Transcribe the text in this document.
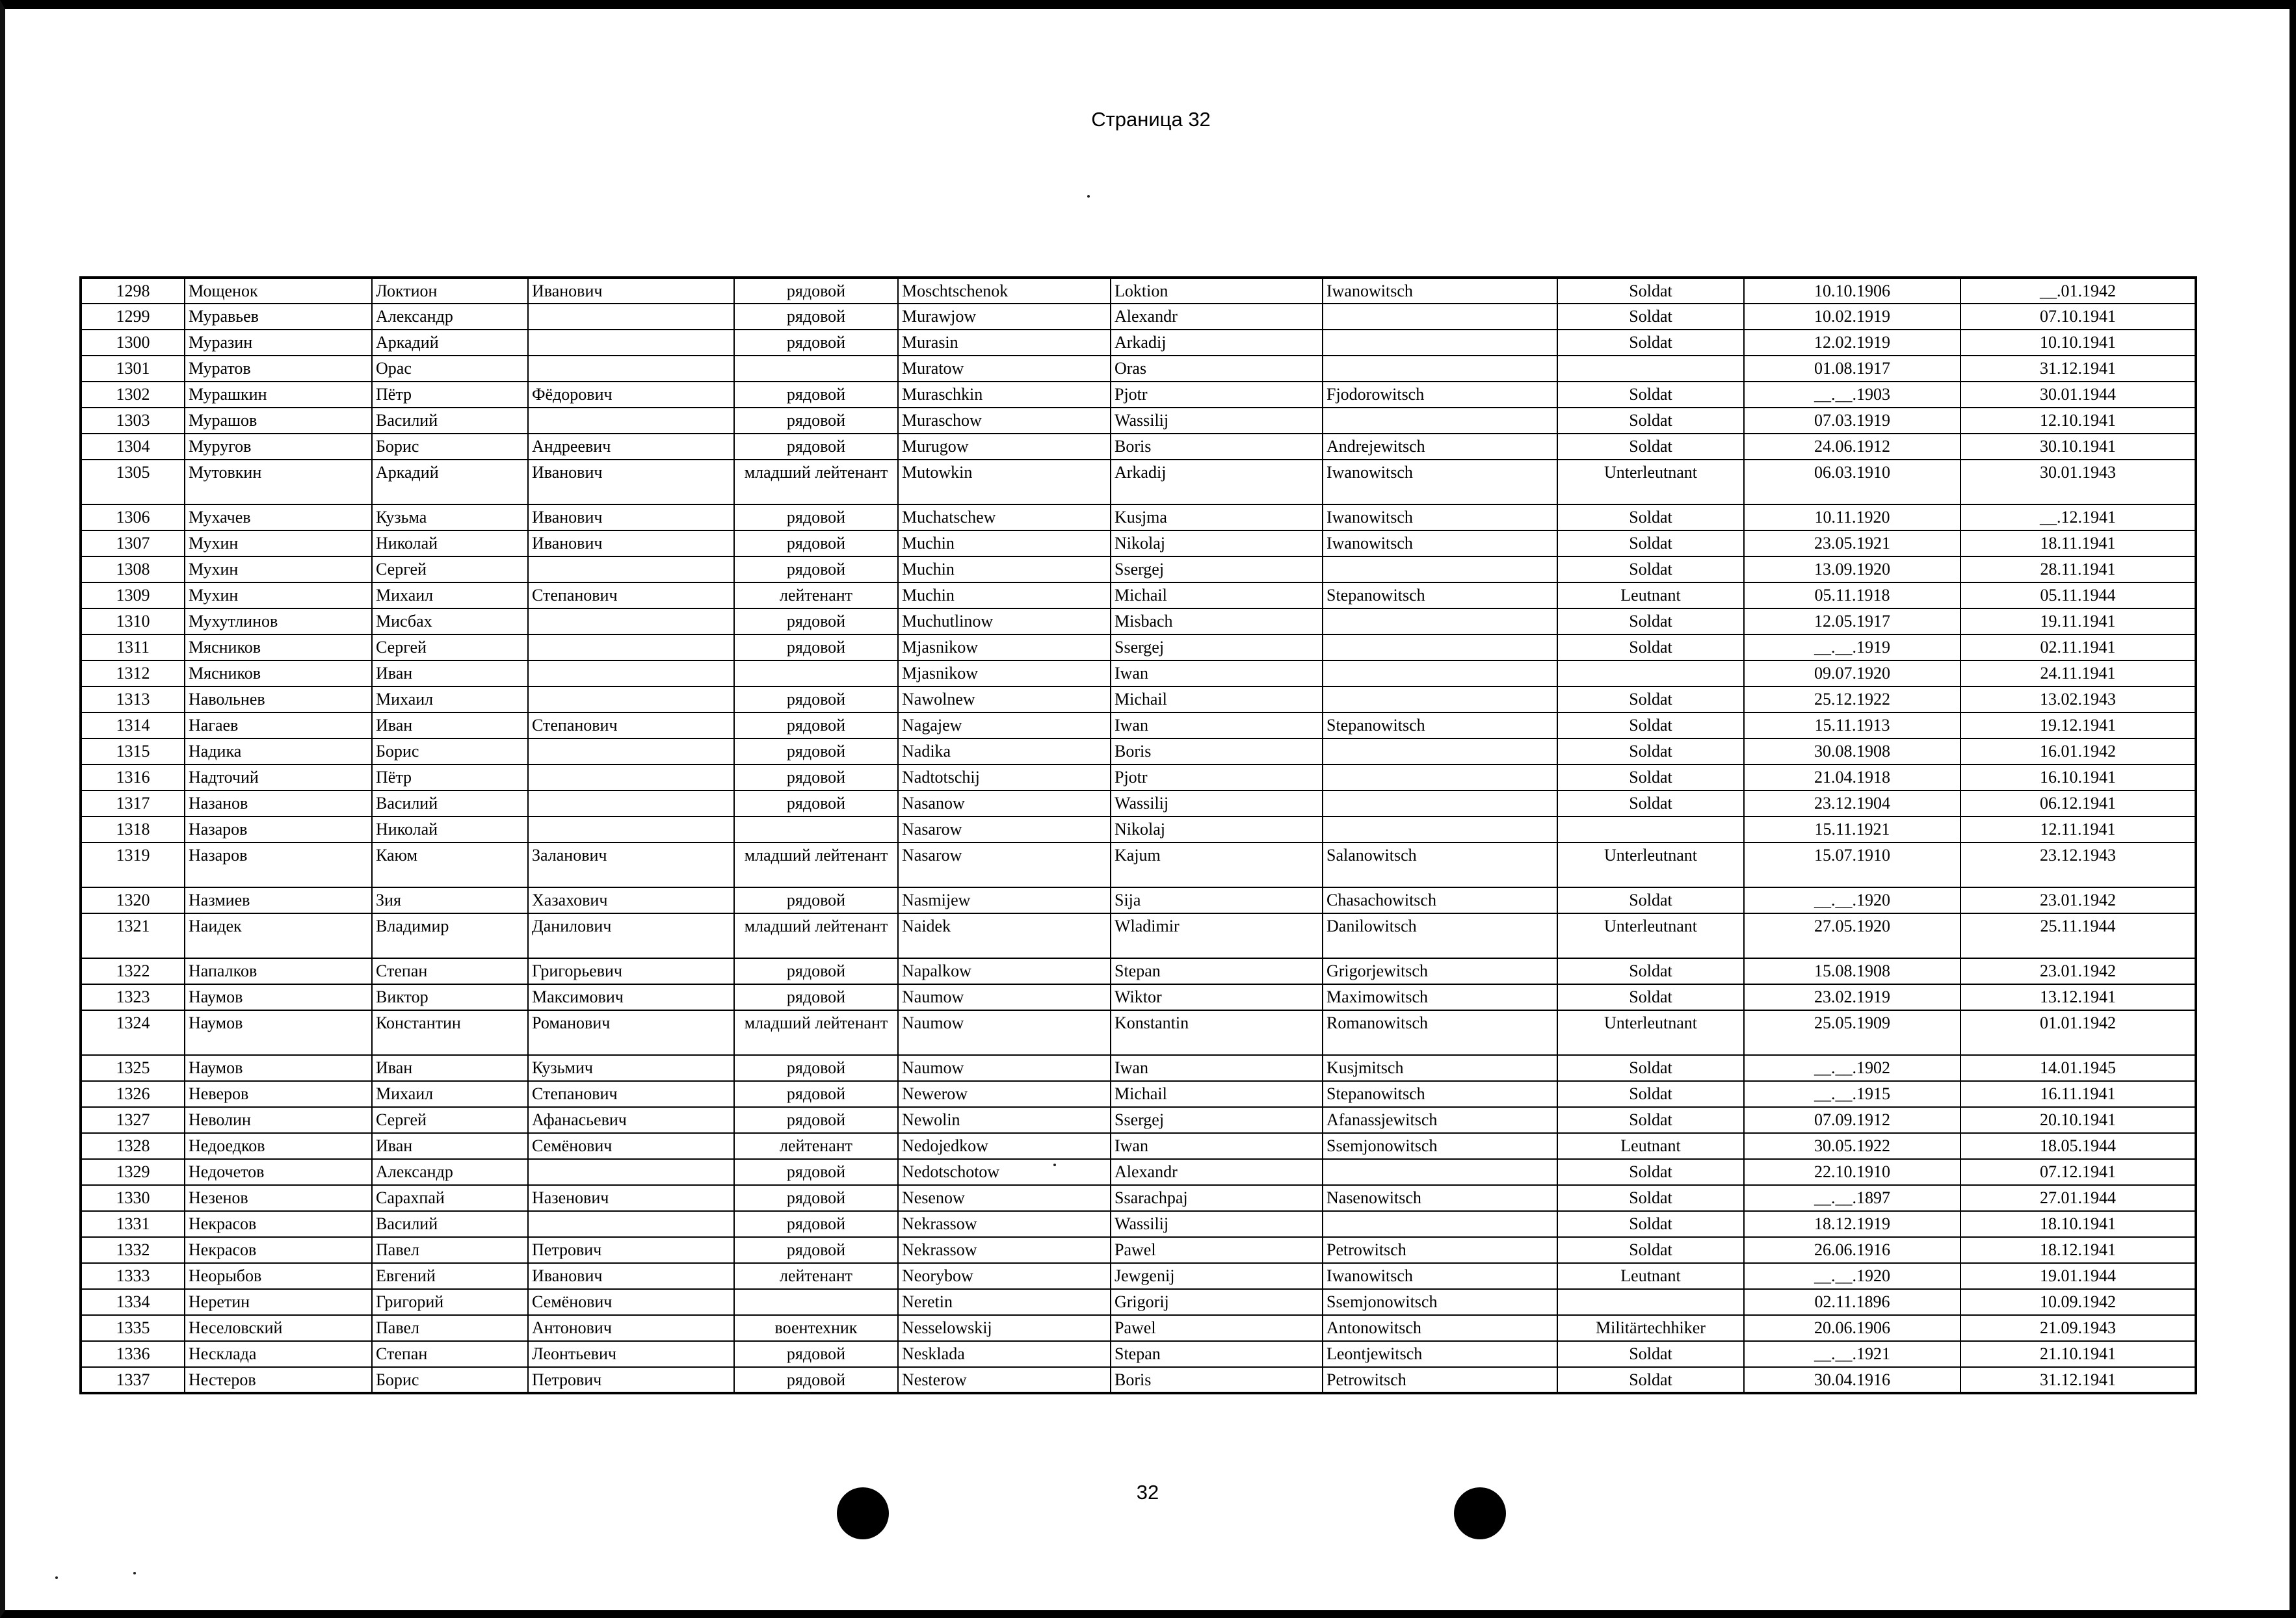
Страница 32
1298	Мощенок	Локтион	Иванович	рядовой	Moschtschenok	Loktion	Iwanowitsch	Soldat	10.10.1906	__.01.1942
1299	Муравьев	Александр		рядовой	Murawjow	Alexandr		Soldat	10.02.1919	07.10.1941
1300	Муразин	Аркадий		рядовой	Murasin	Arkadij		Soldat	12.02.1919	10.10.1941
1301	Муратов	Орас			Muratow	Oras			01.08.1917	31.12.1941
1302	Мурашкин	Пётр	Фёдорович	рядовой	Muraschkin	Pjotr	Fjodorowitsch	Soldat	__.__.1903	30.01.1944
1303	Мурашов	Василий		рядовой	Muraschow	Wassilij		Soldat	07.03.1919	12.10.1941
1304	Муругов	Борис	Андреевич	рядовой	Murugow	Boris	Andrejewitsch	Soldat	24.06.1912	30.10.1941
1305	Мутовкин	Аркадий	Иванович	младший лейтенант	Mutowkin	Arkadij	Iwanowitsch	Unterleutnant	06.03.1910	30.01.1943
1306	Мухачев	Кузьма	Иванович	рядовой	Muchatschew	Kusjma	Iwanowitsch	Soldat	10.11.1920	__.12.1941
1307	Мухин	Николай	Иванович	рядовой	Muchin	Nikolaj	Iwanowitsch	Soldat	23.05.1921	18.11.1941
1308	Мухин	Сергей		рядовой	Muchin	Ssergej		Soldat	13.09.1920	28.11.1941
1309	Мухин	Михаил	Степанович	лейтенант	Muchin	Michail	Stepanowitsch	Leutnant	05.11.1918	05.11.1944
1310	Мухутлинов	Мисбах		рядовой	Muchutlinow	Misbach		Soldat	12.05.1917	19.11.1941
1311	Мясников	Сергей		рядовой	Mjasnikow	Ssergej		Soldat	__.__.1919	02.11.1941
1312	Мясников	Иван			Mjasnikow	Iwan			09.07.1920	24.11.1941
1313	Навольнев	Михаил		рядовой	Nawolnew	Michail		Soldat	25.12.1922	13.02.1943
1314	Нагаев	Иван	Степанович	рядовой	Nagajew	Iwan	Stepanowitsch	Soldat	15.11.1913	19.12.1941
1315	Надика	Борис		рядовой	Nadika	Boris		Soldat	30.08.1908	16.01.1942
1316	Надточий	Пётр		рядовой	Nadtotschij	Pjotr		Soldat	21.04.1918	16.10.1941
1317	Назанов	Василий		рядовой	Nasanow	Wassilij		Soldat	23.12.1904	06.12.1941
1318	Назаров	Николай			Nasarow	Nikolaj			15.11.1921	12.11.1941
1319	Назаров	Каюм	Заланович	младший лейтенант	Nasarow	Kajum	Salanowitsch	Unterleutnant	15.07.1910	23.12.1943
1320	Назмиев	Зия	Хазахович	рядовой	Nasmijew	Sija	Chasachowitsch	Soldat	__.__.1920	23.01.1942
1321	Наидек	Владимир	Данилович	младший лейтенант	Naidek	Wladimir	Danilowitsch	Unterleutnant	27.05.1920	25.11.1944
1322	Напалков	Степан	Григорьевич	рядовой	Napalkow	Stepan	Grigorjewitsch	Soldat	15.08.1908	23.01.1942
1323	Наумов	Виктор	Максимович	рядовой	Naumow	Wiktor	Maximowitsch	Soldat	23.02.1919	13.12.1941
1324	Наумов	Константин	Романович	младший лейтенант	Naumow	Konstantin	Romanowitsch	Unterleutnant	25.05.1909	01.01.1942
1325	Наумов	Иван	Кузьмич	рядовой	Naumow	Iwan	Kusjmitsch	Soldat	__.__.1902	14.01.1945
1326	Неверов	Михаил	Степанович	рядовой	Newerow	Michail	Stepanowitsch	Soldat	__.__.1915	16.11.1941
1327	Неволин	Сергей	Афанасьевич	рядовой	Newolin	Ssergej	Afanassjewitsch	Soldat	07.09.1912	20.10.1941
1328	Недоедков	Иван	Семёнович	лейтенант	Nedojedkow	Iwan	Ssemjonowitsch	Leutnant	30.05.1922	18.05.1944
1329	Недочетов	Александр		рядовой	Nedotschotow	Alexandr		Soldat	22.10.1910	07.12.1941
1330	Незенов	Сарахпай	Назенович	рядовой	Nesenow	Ssarachpaj	Nasenowitsch	Soldat	__.__.1897	27.01.1944
1331	Некрасов	Василий		рядовой	Nekrassow	Wassilij		Soldat	18.12.1919	18.10.1941
1332	Некрасов	Павел	Петрович	рядовой	Nekrassow	Pawel	Petrowitsch	Soldat	26.06.1916	18.12.1941
1333	Неорыбов	Евгений	Иванович	лейтенант	Neorybow	Jewgenij	Iwanowitsch	Leutnant	__.__.1920	19.01.1944
1334	Неретин	Григорий	Семёнович		Neretin	Grigorij	Ssemjonowitsch		02.11.1896	10.09.1942
1335	Неселовский	Павел	Антонович	воентехник	Nesselowskij	Pawel	Antonowitsch	Militärtechhiker	20.06.1906	21.09.1943
1336	Несклада	Степан	Леонтьевич	рядовой	Nesklada	Stepan	Leontjewitsch	Soldat	__.__.1921	21.10.1941
1337	Нестеров	Борис	Петрович	рядовой	Nesterow	Boris	Petrowitsch	Soldat	30.04.1916	31.12.1941
32
